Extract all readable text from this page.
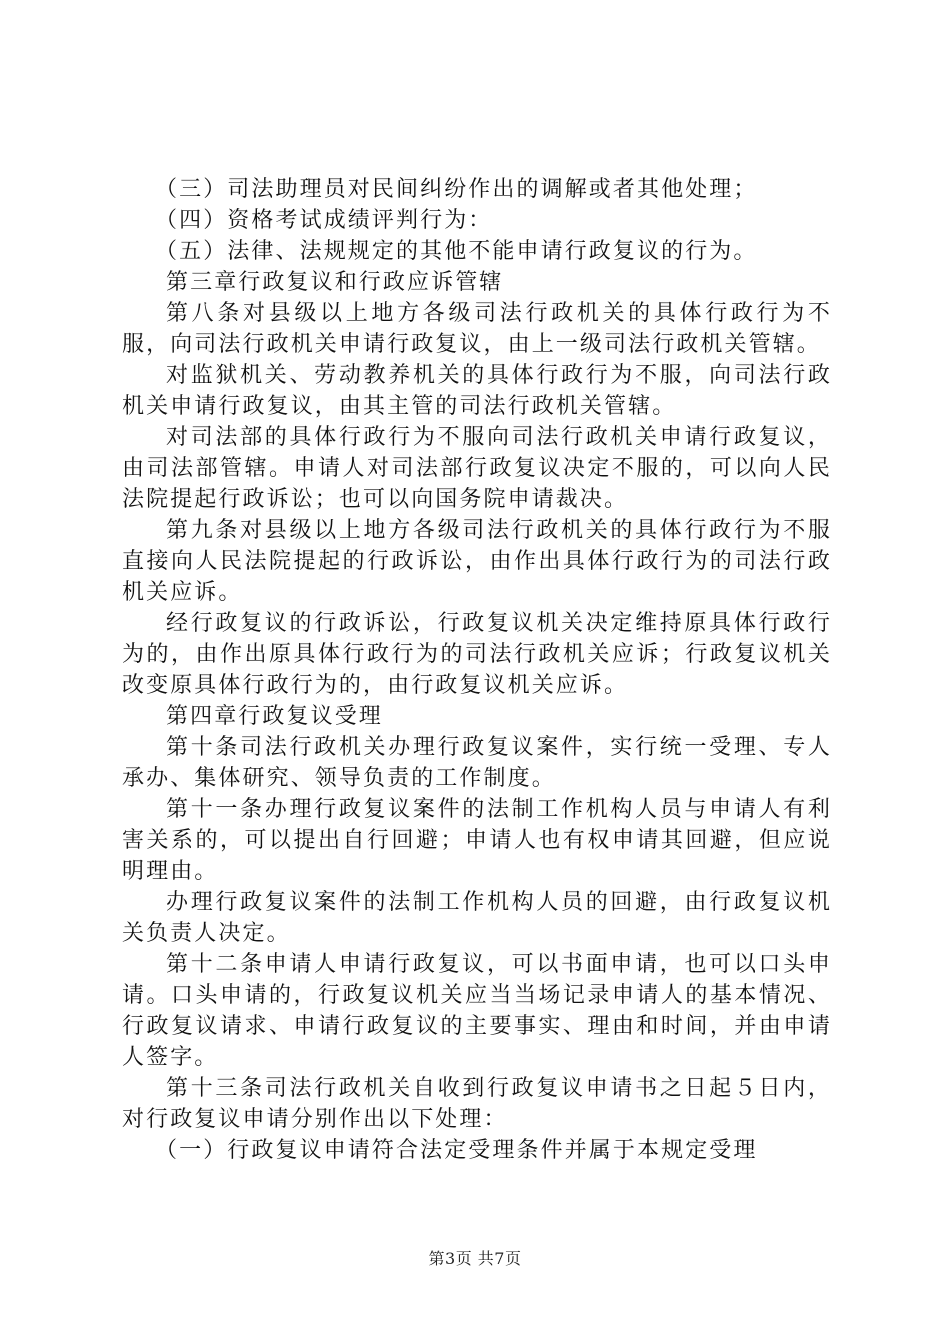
（三）司法助理员对民间纠纷作出的调解或者其他处理；

（四）资格考试成绩评判行为：

（五）法律、法规规定的其他不能申请行政复议的行为。

第三章行政复议和行政应诉管辖

第八条对县级以上地方各级司法行政机关的具体行政行为不服，向司法行政机关申请行政复议，由上一级司法行政机关管辖。

对监狱机关、劳动教养机关的具体行政行为不服，向司法行政机关申请行政复议，由其主管的司法行政机关管辖。

对司法部的具体行政行为不服向司法行政机关申请行政复议，由司法部管辖。申请人对司法部行政复议决定不服的，可以向人民法院提起行政诉讼；也可以向国务院申请裁决。

第九条对县级以上地方各级司法行政机关的具体行政行为不服直接向人民法院提起的行政诉讼，由作出具体行政行为的司法行政机关应诉。

经行政复议的行政诉讼，行政复议机关决定维持原具体行政行为的，由作出原具体行政行为的司法行政机关应诉；行政复议机关改变原具体行政行为的，由行政复议机关应诉。

第四章行政复议受理

第十条司法行政机关办理行政复议案件，实行统一受理、专人承办、集体研究、领导负责的工作制度。

第十一条办理行政复议案件的法制工作机构人员与申请人有利害关系的，可以提出自行回避；申请人也有权申请其回避，但应说明理由。

办理行政复议案件的法制工作机构人员的回避，由行政复议机关负责人决定。

第十二条申请人申请行政复议，可以书面申请，也可以口头申请。口头申请的，行政复议机关应当当场记录申请人的基本情况、行政复议请求、申请行政复议的主要事实、理由和时间，并由申请人签字。

第十三条司法行政机关自收到行政复议申请书之日起５日内，对行政复议申请分别作出以下处理：

（一）行政复议申请符合法定受理条件并属于本规定受理

第3页 共7页
